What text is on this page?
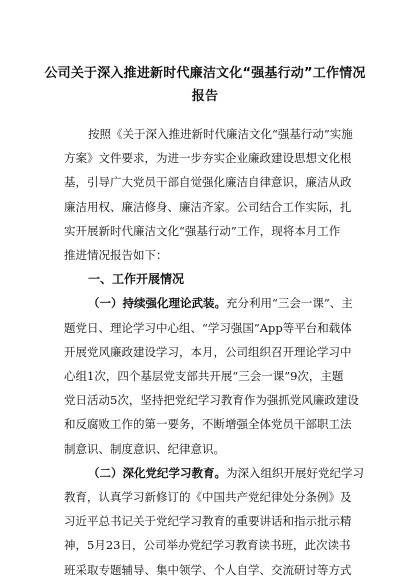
公司关于深入推进新时代廉洁文化“强基行动”工作情况
报告

按照《关于深入推进新时代廉洁文化“强基行动”实施
方案》文件要求，为进一步夯实企业廉政建设思想文化根
基，引导广大党员干部自觉强化廉洁自律意识，廉洁从政
廉洁用权、廉洁修身、廉洁齐家。公司结合工作实际，扎
实开展新时代廉洁文化“强基行动”工作，现将本月工作
推进情况报告如下：

一、工作开展情况

（一）持续强化理论武装。充分利用“三会一课”、主
题党日、理论学习中心组、“学习强国”App等平台和载体
开展党风廉政建设学习，本月，公司组织召开理论学习中
心组1次，四个基层党支部共开展“三会一课”9次，主题
党日活动5次，坚持把党纪学习教育作为强抓党风廉政建设
和反腐败工作的第一要务，不断增强全体党员干部职工法
制意识、制度意识、纪律意识。

（二）深化党纪学习教育。为深入组织开展好党纪学习
教育，认真学习新修订的《中国共产党纪律处分条例》及
习近平总书记关于党纪学习教育的重要讲话和指示批示精
神，5月23日，公司举办党纪学习教育读书班，此次读书
班采取专题辅导、集中领学、个人自学、交流研讨等方式
